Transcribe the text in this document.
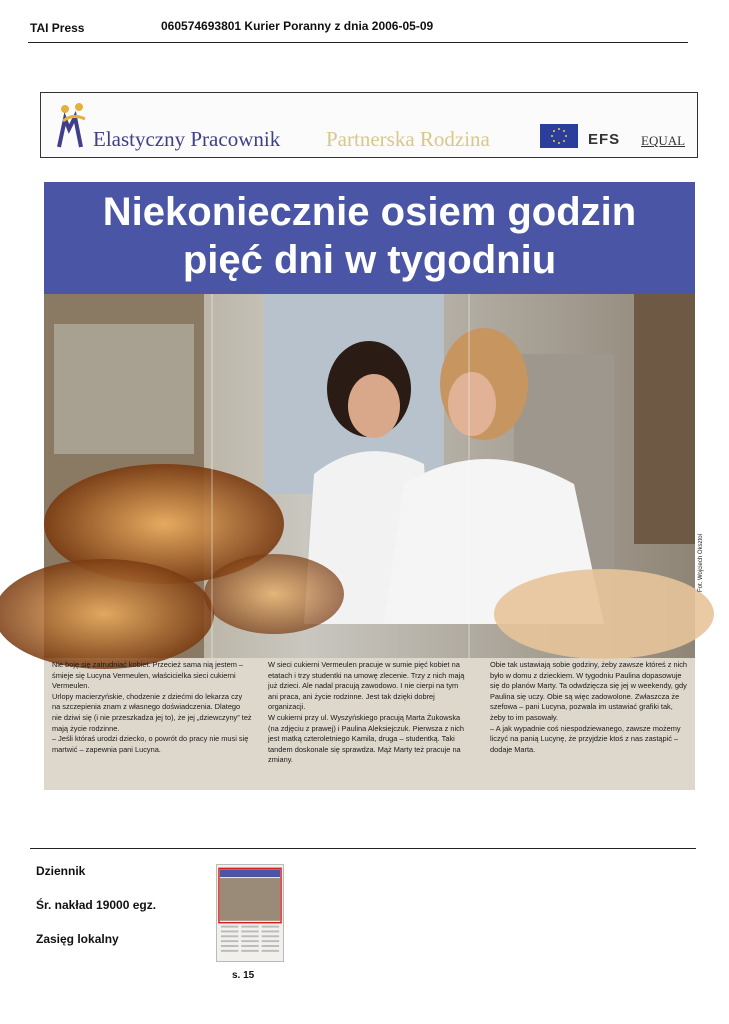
TAI Press	060574693801 Kurier Poranny z dnia 2006-05-09
Elastyczny Pracownik Partnerska Rodzina	EFS EQUAL
Niekoniecznie osiem godzin
pięć dni w tygodniu
Fot. Wojciech Oksztol

Nie boję się zatrudniać kobiet. Przecież sama nią jestem – śmieje się Lucyna Vermeulen, właścicielka sieci cukierni Vermeulen.

Urlopy macierzyńskie, chodzenie z dziećmi do lekarza czy na szczepienia znam z własnego doświadczenia. Dlatego nie dziwi się (i nie przeszkadza jej to), że jej „dziewczyny” też mają życie rodzinne.

– Jeśli któraś urodzi dziecko, o powrót do pracy nie musi się martwić – zapewnia pani Lucyna.

W sieci cukierni Vermeulen pracuje w sumie pięć kobiet na etatach i trzy studentki na umowę zlecenie. Trzy z nich mają już dzieci. Ale nadal pracują zawodowo. I nie cierpi na tym ani praca, ani życie rodzinne. Jest tak dzięki dobrej organizacji.

W cukierni przy ul. Wyszyńskiego pracują Marta Żukowska (na zdjęciu z prawej) i Paulina Aleksiejczuk. Pierwsza z nich jest matką czteroletniego Kamila, druga – studentką. Taki tandem doskonale się sprawdza. Mąż Marty też pracuje na zmiany.

Obie tak ustawiają sobie godziny, żeby zawsze któreś z nich było w domu z dzieckiem. W tygodniu Paulina dopasowuje się do planów Marty. Ta odwdzięcza się jej w weekendy, gdy Paulina się uczy. Obie są więc zadowolone. Zwłaszcza że szefowa – pani Lucyna, pozwala im ustawiać grafiki tak, żeby to im pasowały.

– A jak wypadnie coś niespodziewanego, zawsze możemy liczyć na panią Lucynę, że przyjdzie ktoś z nas zastąpić – dodaje Marta.

Dziennik
Śr. nakład 19000 egz.
Zasięg lokalny
s. 15
